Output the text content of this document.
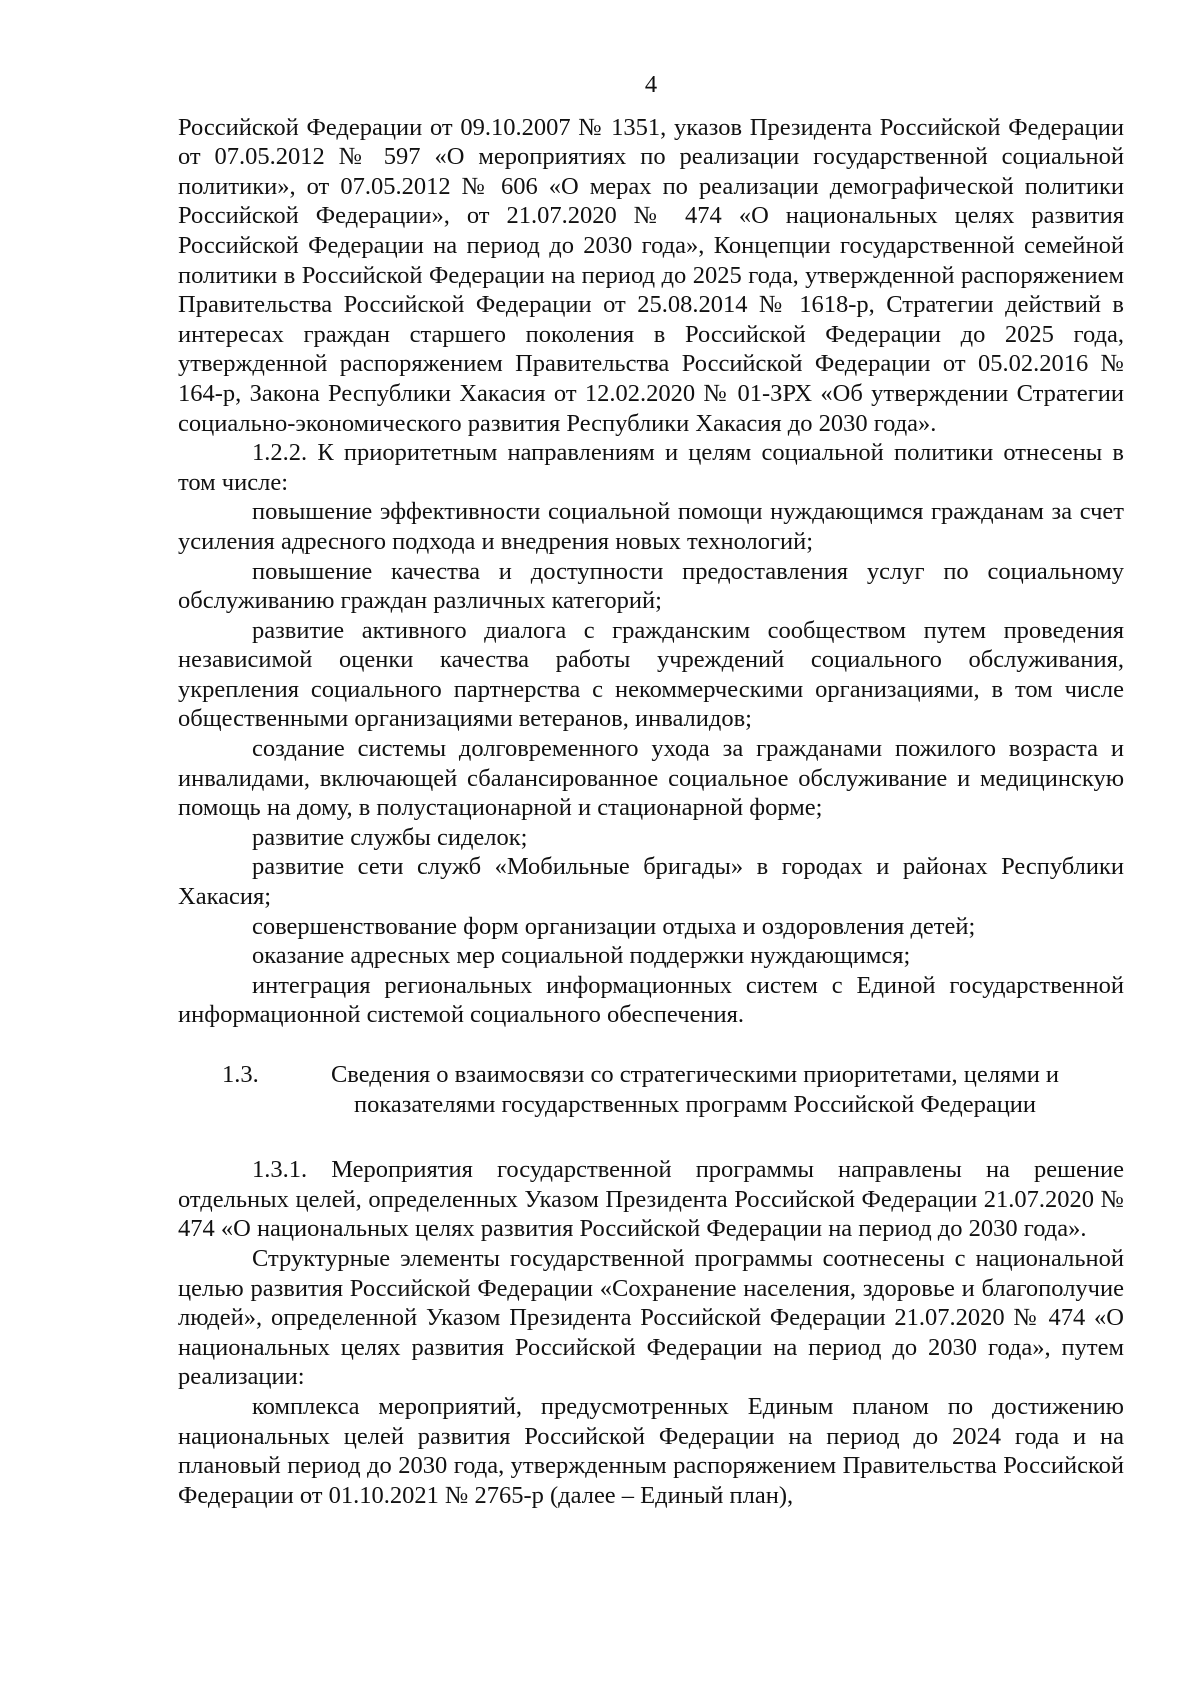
4

Российской Федерации от 09.10.2007 № 1351, указов Президента Российской Федерации от 07.05.2012 № 597 «О мероприятиях по реализации государственной социальной политики», от 07.05.2012 № 606 «О мерах по реализации демографической политики Российской Федерации», от 21.07.2020 № 474 «О национальных целях развития Российской Федерации на период до 2030 года», Концепции государственной семейной политики в Российской Федерации на период до 2025 года, утвержденной распоряжением Правительства Российской Федерации от 25.08.2014 № 1618-р, Стратегии действий в интересах граждан старшего поколения в Российской Федерации до 2025 года, утвержденной распоряжением Правительства Российской Федерации от 05.02.2016 № 164-р, Закона Республики Хакасия от 12.02.2020 № 01-ЗРХ «Об утверждении Стратегии социально-экономического развития Республики Хакасия до 2030 года».

1.2.2. К приоритетным направлениям и целям социальной политики отнесены в том числе:

повышение эффективности социальной помощи нуждающимся гражданам за счет усиления адресного подхода и внедрения новых технологий;

повышение качества и доступности предоставления услуг по социальному обслуживанию граждан различных категорий;

развитие активного диалога с гражданским сообществом путем проведения независимой оценки качества работы учреждений социального обслуживания, укрепления социального партнерства с некоммерческими организациями, в том числе общественными организациями ветеранов, инвалидов;

создание системы долговременного ухода за гражданами пожилого возраста и инвалидами, включающей сбалансированное социальное обслуживание и медицинскую помощь на дому, в полустационарной и стационарной форме;

развитие службы сиделок;

развитие сети служб «Мобильные бригады» в городах и районах Республики Хакасия;

совершенствование форм организации отдыха и оздоровления детей;

оказание адресных мер социальной поддержки нуждающимся;

интеграция региональных информационных систем с Единой государственной информационной системой социального обеспечения.

1.3.	Сведения о взаимосвязи со стратегическими приоритетами, целями и показателями государственных программ Российской Федерации

1.3.1. Мероприятия государственной программы направлены на решение отдельных целей, определенных Указом Президента Российской Федерации 21.07.2020 № 474 «О национальных целях развития Российской Федерации на период до 2030 года».

Структурные элементы государственной программы соотнесены с национальной целью развития Российской Федерации «Сохранение населения, здоровье и благополучие людей», определенной Указом Президента Российской Федерации 21.07.2020 № 474 «О национальных целях развития Российской Федерации на период до 2030 года», путем реализации:

комплекса мероприятий, предусмотренных Единым планом по достижению национальных целей развития Российской Федерации на период до 2024 года и на плановый период до 2030 года, утвержденным распоряжением Правительства Российской Федерации от 01.10.2021 № 2765-р (далее – Единый план),
